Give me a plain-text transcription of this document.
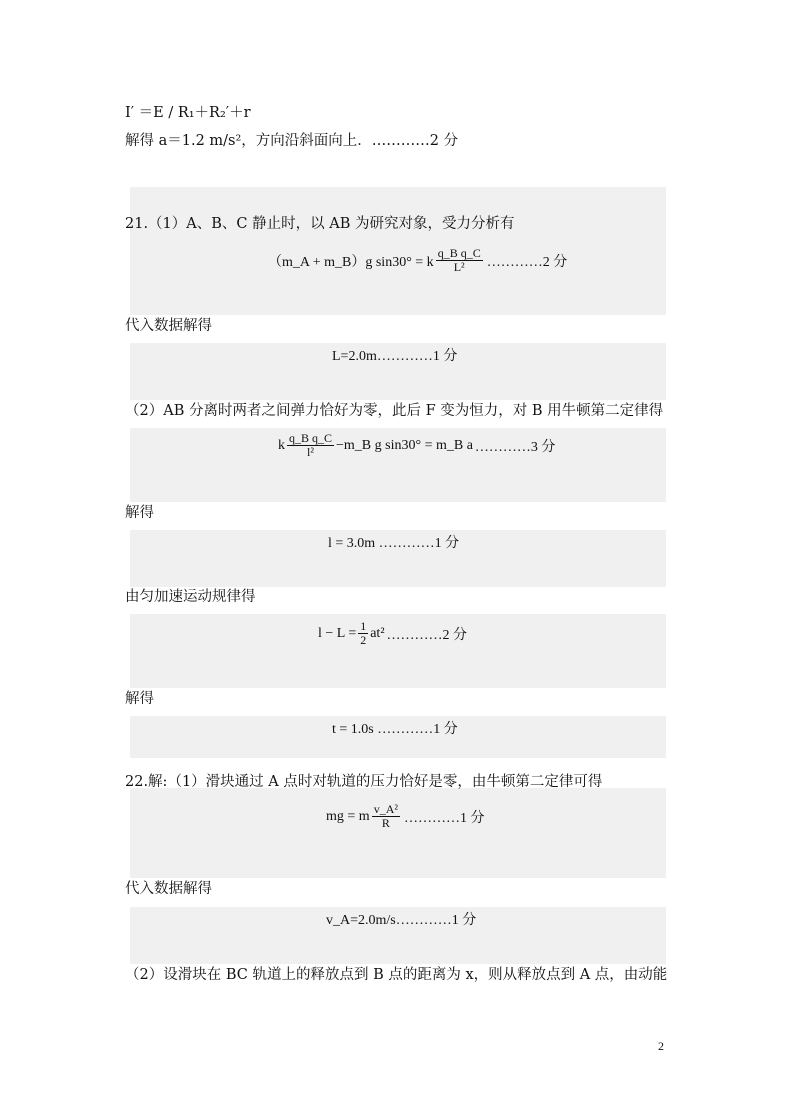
I′ ＝E / R₁＋R₂′＋r
解得 a＝1.2 m/s²，方向沿斜面向上．…………2 分
21.（1）A、B、C 静止时，以 AB 为研究对象，受力分析有
代入数据解得
（2）AB 分离时两者之间弹力恰好为零，此后 F 变为恒力，对 B 用牛顿第二定律得
解得
由匀加速运动规律得
解得
22.解:（1）滑块通过 A 点时对轨道的压力恰好是零，由牛顿第二定律可得
代入数据解得
（2）设滑块在 BC 轨道上的释放点到 B 点的距离为 x，则从释放点到 A 点，由动能
（m_A + m_B）g sin30° = k $\frac{\text{q\_B q\_C}}{\text{L²}}$ …………2 分
L=2.0m…………1 分
k $\frac{\text{q\_B q\_C}}{\text{l²}}$ −m_B g sin30° = m_B a …………3 分
l = 3.0m …………1 分
$l - L = \frac{1}{2} at^2$ …………2 分
t = 1.0s …………1 分
mg = m $\frac{\text{v\_A²}}{R}$ …………1 分
v_A=2.0m/s…………1 分
2
